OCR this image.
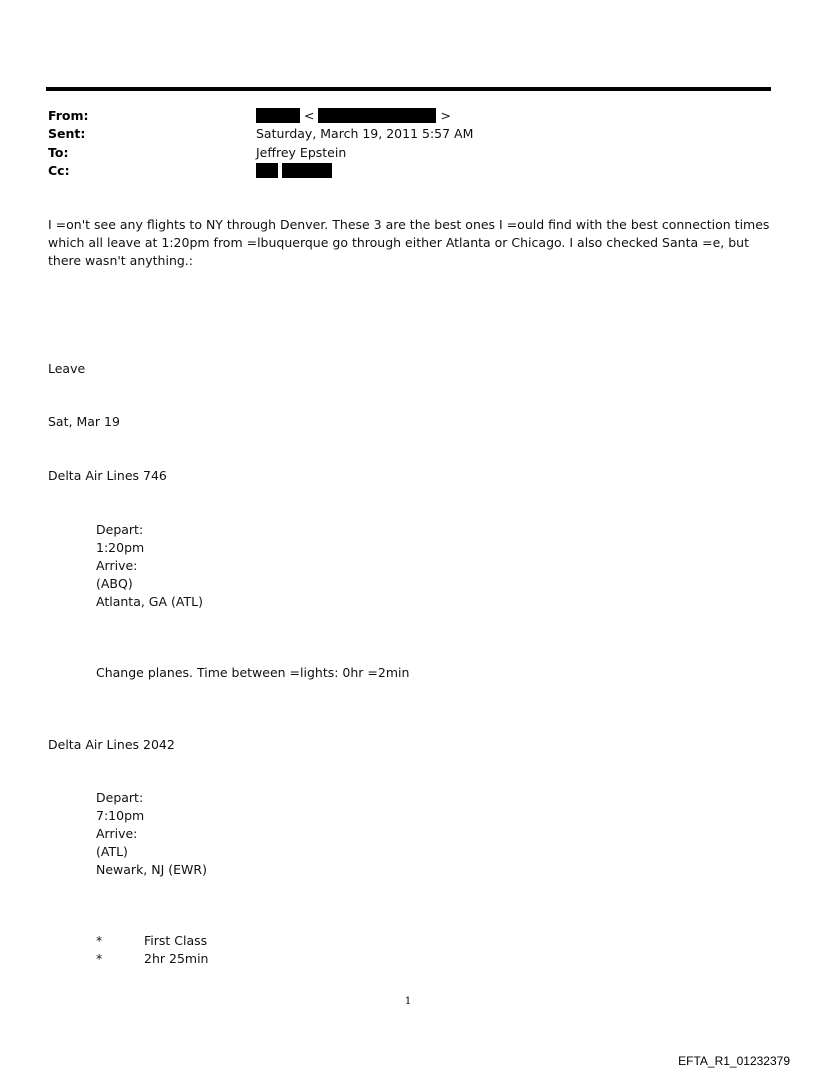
From:	<	>
Sent:	Saturday, March 19, 2011 5:57 AM
To:	Jeffrey Epstein
Cc:

I =on't see any flights to NY through Denver. These 3 are the best ones I =ould find with the best connection times which all leave at 1:20pm from =lbuquerque go through either Atlanta or Chicago. I also checked Santa =e, but there wasn't anything.:
Leave
Sat, Mar 19
Delta Air Lines 746
Depart:
1:20pm
Arrive:
(ABQ)
Atlanta, GA (ATL)
Change planes. Time between =lights: 0hr =2min
Delta Air Lines 2042
Depart:
7:10pm
Arrive:
(ATL)
Newark, NJ (EWR)
*	First Class
*	2hr 25min
1
EFTA_R1_01232379
